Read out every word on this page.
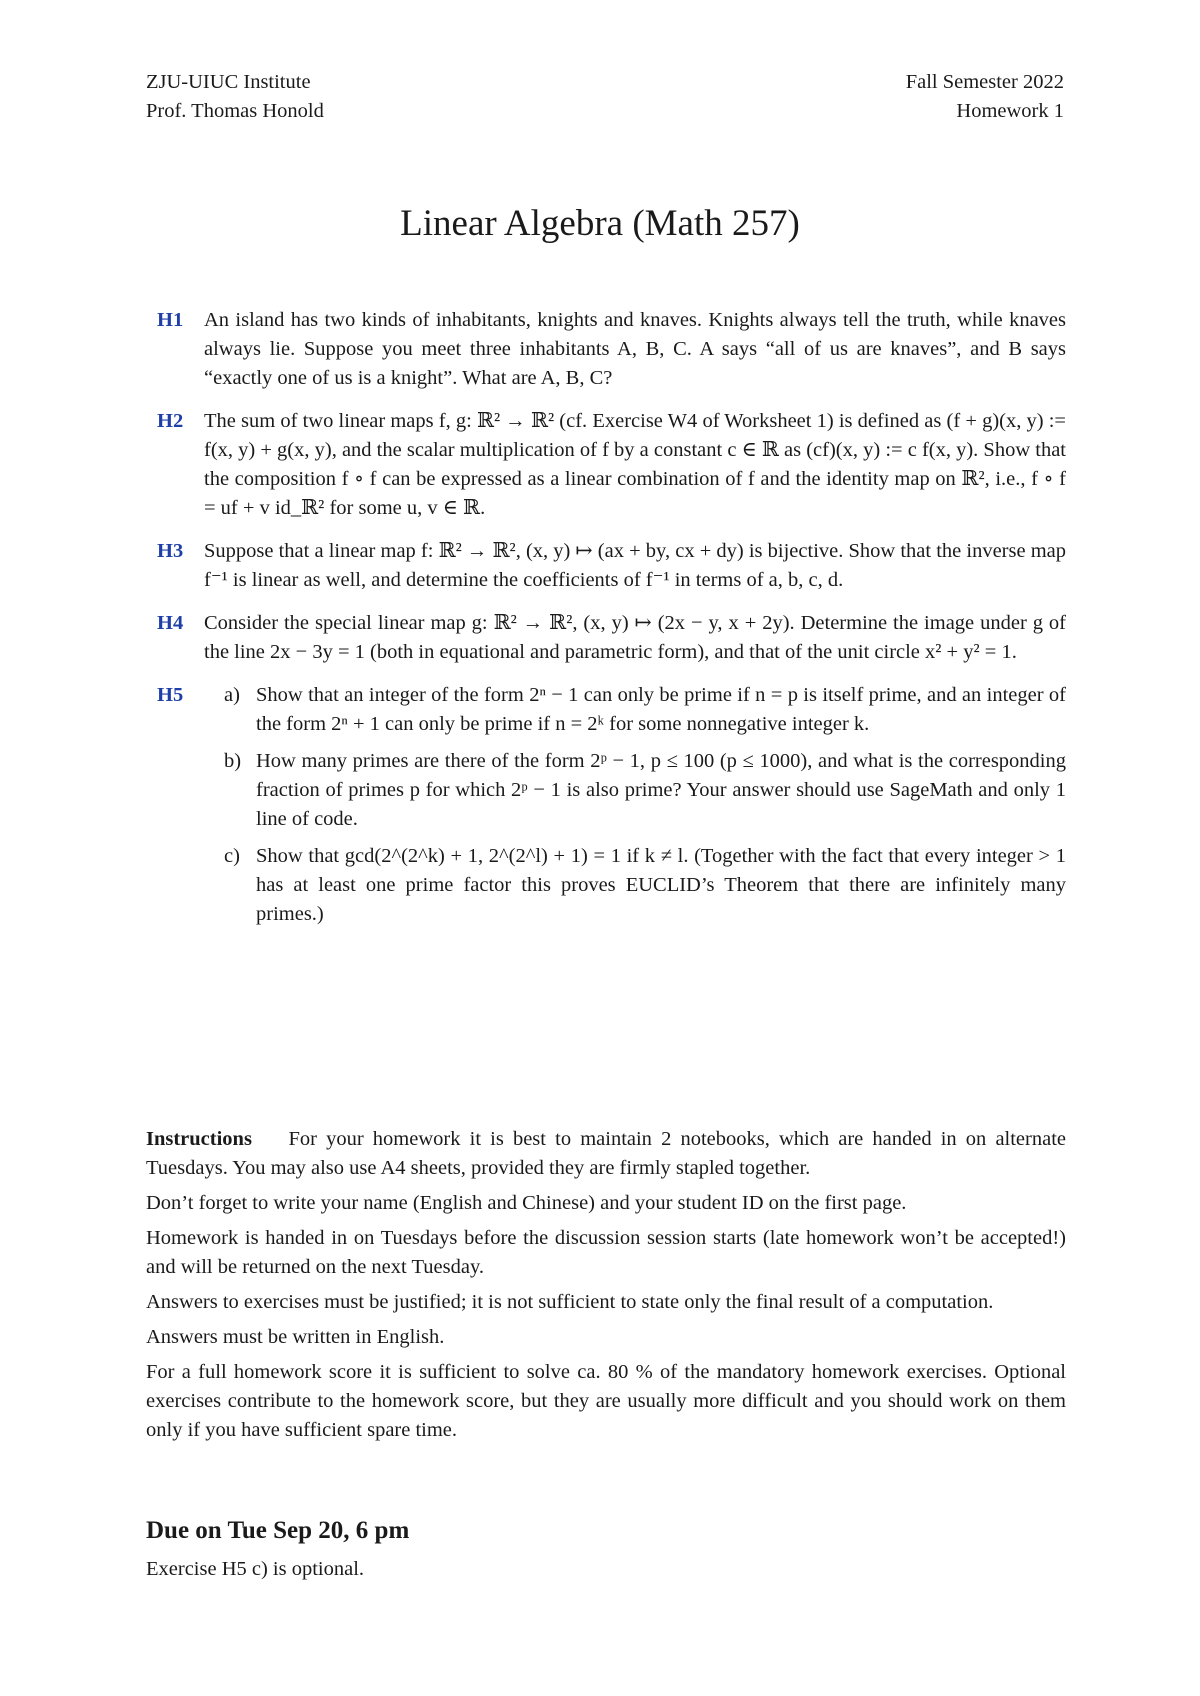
ZJU-UIUC Institute
Prof. Thomas Honold
Fall Semester 2022
Homework 1
Linear Algebra (Math 257)
H1 An island has two kinds of inhabitants, knights and knaves. Knights always tell the truth, while knaves always lie. Suppose you meet three inhabitants A, B, C. A says “all of us are knaves”, and B says “exactly one of us is a knight”. What are A, B, C?
H2 The sum of two linear maps f, g: ℝ² → ℝ² (cf. Exercise W4 of Worksheet 1) is defined as (f + g)(x, y) := f(x, y) + g(x, y), and the scalar multiplication of f by a constant c ∈ ℝ as (cf)(x, y) := c f(x, y). Show that the composition f ∘ f can be expressed as a linear combination of f and the identity map on ℝ², i.e., f ∘ f = uf + v id_ℝ² for some u, v ∈ ℝ.
H3 Suppose that a linear map f: ℝ² → ℝ², (x, y) ↦ (ax + by, cx + dy) is bijective. Show that the inverse map f⁻¹ is linear as well, and determine the coefficients of f⁻¹ in terms of a, b, c, d.
H4 Consider the special linear map g: ℝ² → ℝ², (x, y) ↦ (2x − y, x + 2y). Determine the image under g of the line 2x − 3y = 1 (both in equational and parametric form), and that of the unit circle x² + y² = 1.
H5 a) Show that an integer of the form 2ⁿ − 1 can only be prime if n = p is itself prime, and an integer of the form 2ⁿ + 1 can only be prime if n = 2ᵏ for some nonnegative integer k.
b) How many primes are there of the form 2ᵖ − 1, p ≤ 100 (p ≤ 1000), and what is the corresponding fraction of primes p for which 2ᵖ − 1 is also prime? Your answer should use SageMath and only 1 line of code.
c) Show that gcd(2^(2^k) + 1, 2^(2^l) + 1) = 1 if k ≠ l. (Together with the fact that every integer > 1 has at least one prime factor this proves EUCLID’s Theorem that there are infinitely many primes.)

Instructions For your homework it is best to maintain 2 notebooks, which are handed in on alternate Tuesdays. You may also use A4 sheets, provided they are firmly stapled together.

Don’t forget to write your name (English and Chinese) and your student ID on the first page.

Homework is handed in on Tuesdays before the discussion session starts (late homework won’t be accepted!) and will be returned on the next Tuesday.

Answers to exercises must be justified; it is not sufficient to state only the final result of a computation.

Answers must be written in English.

For a full homework score it is sufficient to solve ca. 80 % of the mandatory homework exercises. Optional exercises contribute to the homework score, but they are usually more difficult and you should work on them only if you have sufficient spare time.

Due on Tue Sep 20, 6 pm
Exercise H5 c) is optional.
